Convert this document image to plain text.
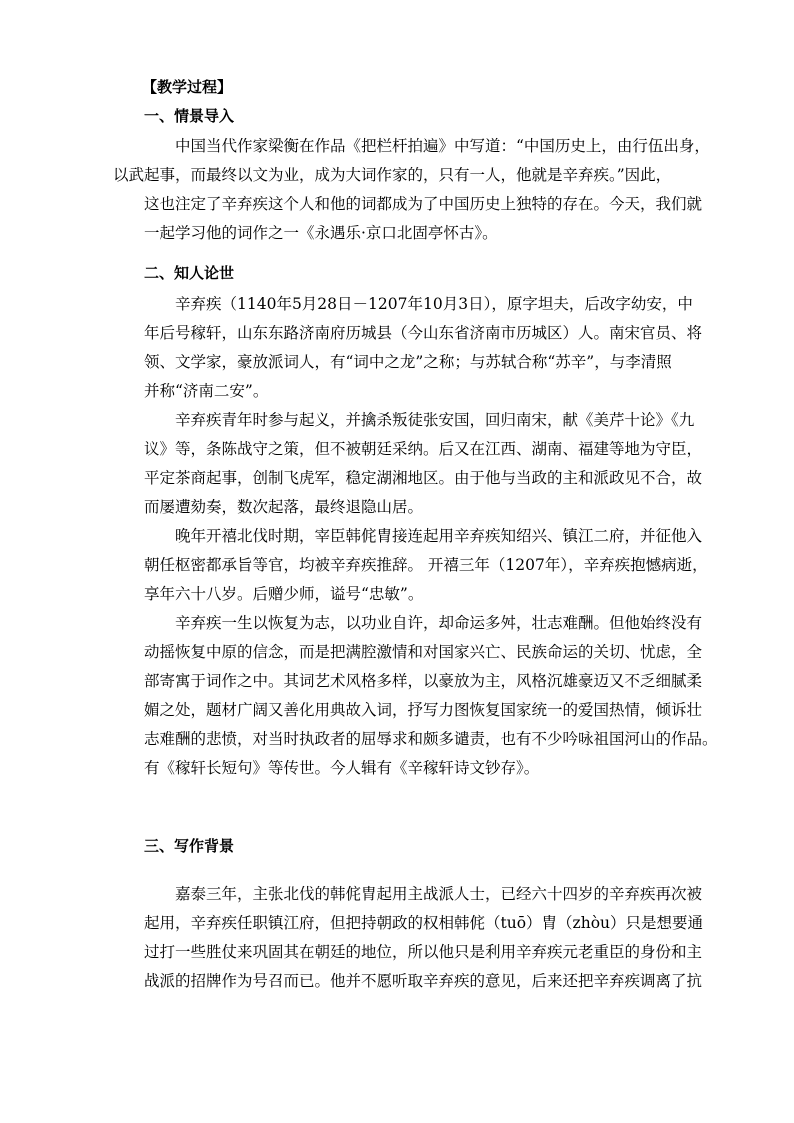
【教学过程】
一、情景导入

中国当代作家梁衡在作品《把栏杆拍遍》中写道：“中国历史上，由行伍出身，
以武起事，而最终以文为业，成为大词作家的，只有一人，他就是辛弃疾。”因此，
这也注定了辛弃疾这个人和他的词都成为了中国历史上独特的存在。今天，我们就
一起学习他的词作之一《永遇乐·京口北固亭怀古》。

二、知人论世

辛弃疾（1140年5月28日－1207年10月3日），原字坦夫，后改字幼安，中
年后号稼轩，山东东路济南府历城县（今山东省济南市历城区）人。南宋官员、将
领、文学家，豪放派词人，有“词中之龙”之称；与苏轼合称“苏辛”，与李清照
并称“济南二安”。

辛弃疾青年时参与起义，并擒杀叛徒张安国，回归南宋，献《美芹十论》《九
议》等，条陈战守之策，但不被朝廷采纳。后又在江西、湖南、福建等地为守臣，
平定茶商起事，创制飞虎军，稳定湖湘地区。由于他与当政的主和派政见不合，故
而屡遭劾奏，数次起落，最终退隐山居。

晚年开禧北伐时期，宰臣韩侂胄接连起用辛弃疾知绍兴、镇江二府，并征他入
朝任枢密都承旨等官，均被辛弃疾推辞。 开禧三年（1207年），辛弃疾抱憾病逝，
享年六十八岁。后赠少师，谥号“忠敏”。

辛弃疾一生以恢复为志，以功业自许，却命运多舛，壮志难酬。但他始终没有
动摇恢复中原的信念，而是把满腔激情和对国家兴亡、民族命运的关切、忧虑，全
部寄寓于词作之中。其词艺术风格多样，以豪放为主，风格沉雄豪迈又不乏细腻柔
媚之处，题材广阔又善化用典故入词，抒写力图恢复国家统一的爱国热情，倾诉壮
志难酬的悲愤，对当时执政者的屈辱求和颇多谴责，也有不少吟咏祖国河山的作品。
有《稼轩长短句》等传世。今人辑有《辛稼轩诗文钞存》。

三、写作背景

嘉泰三年，主张北伐的韩侂胄起用主战派人士，已经六十四岁的辛弃疾再次被
起用，辛弃疾任职镇江府，但把持朝政的权相韩侂（tuō）胄（zhòu）只是想要通
过打一些胜仗来巩固其在朝廷的地位，所以他只是利用辛弃疾元老重臣的身份和主
战派的招牌作为号召而已。他并不愿听取辛弃疾的意见，后来还把辛弃疾调离了抗
